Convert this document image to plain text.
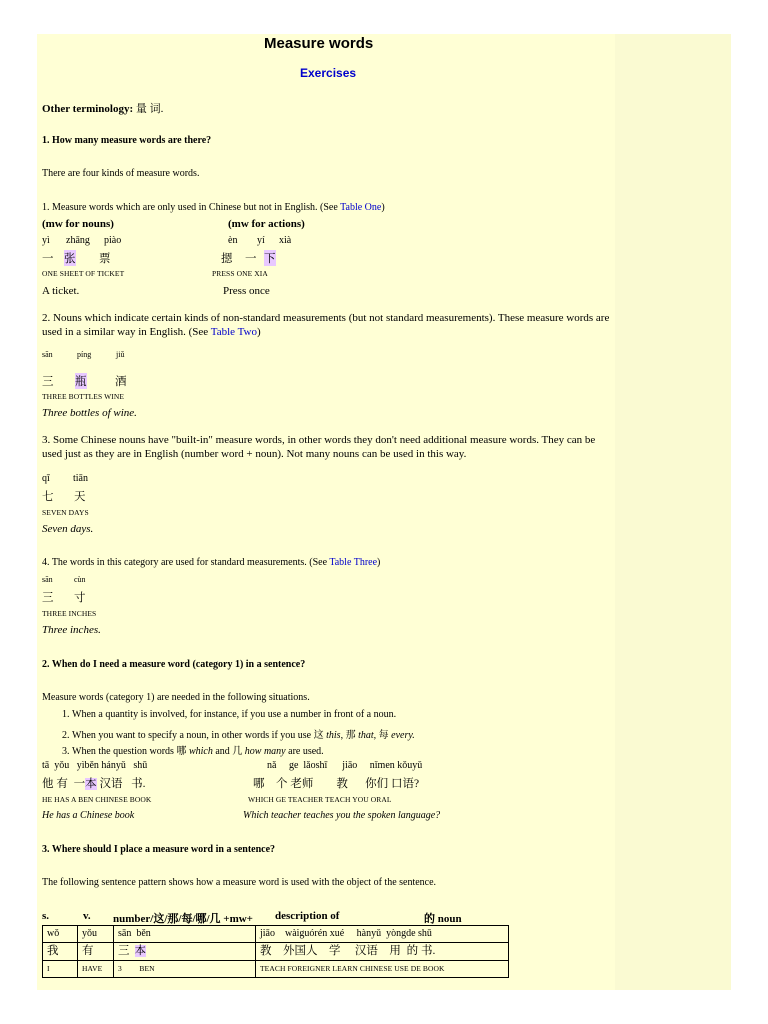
Measure words
Exercises
Other terminology: 量 词.
1. How many measure words are there?
There are four kinds of measure words.
1. Measure words which are only used in Chinese but not in English. (See Table One)
(mw for nouns)	(mw for actions)
yì zhāng piào	èn yí xià
一 张 票	摁 一 下
ONE SHEET OF TICKET	PRESS ONE XIA
A ticket.	Press once
2. Nouns which indicate certain kinds of non-standard measurements (but not standard measurements). These measure words are used in a similar way in English. (See Table Two)
sān	píng	jiǔ
三 瓶 酒
THREE BOTTLES WINE
Three bottles of wine.
3. Some Chinese nouns have "built-in" measure words, in other words they don't need additional measure words. They can be used just as they are in English (number word + noun). Not many nouns can be used in this way.
qī tiān
七 天
SEVEN DAYS
Seven days.
4. The words in this category are used for standard measurements. (See Table Three)
sān	cùn
三 寸
THREE INCHES
Three inches.
2. When do I need a measure word (category 1) in a sentence?
Measure words (category 1) are needed in the following situations.
1. When a quantity is involved, for instance, if you use a number in front of a noun.
2. When you want to specify a noun, in other words if you use 这 this, 那 that, 每 every.
3. When the question words 哪 which and 几 how many are used.
tā  yǒu   yìběn hányǔ   shū	nǎ     ge  lǎoshī      jiāo     nǐmen kǒuyǔ
他 有  一本 汉语   书.	哪    个 老师        教      你们 口语?
HE HAS A BEN CHINESE BOOK	WHICH GE TEACHER TEACH YOU ORAL
He has a Chinese book	Which teacher teaches you the spoken language?
3. Where should I place a measure word in a sentence?
The following sentence pattern shows how a measure word is used with the object of the sentence.
s.	v. number/这/那/每/哪/几 +mw+ description of	的 noun
wǒ	yǒu	sān  běn	jiāo    wàiguórén xué     hànyǔ  yòngde shū
我	有	三 本	教    外国人    学     汉语    用  的 书.
I	HAVE	3 BEN	TEACH FOREIGNER LEARN CHINESE USE DE BOOK
